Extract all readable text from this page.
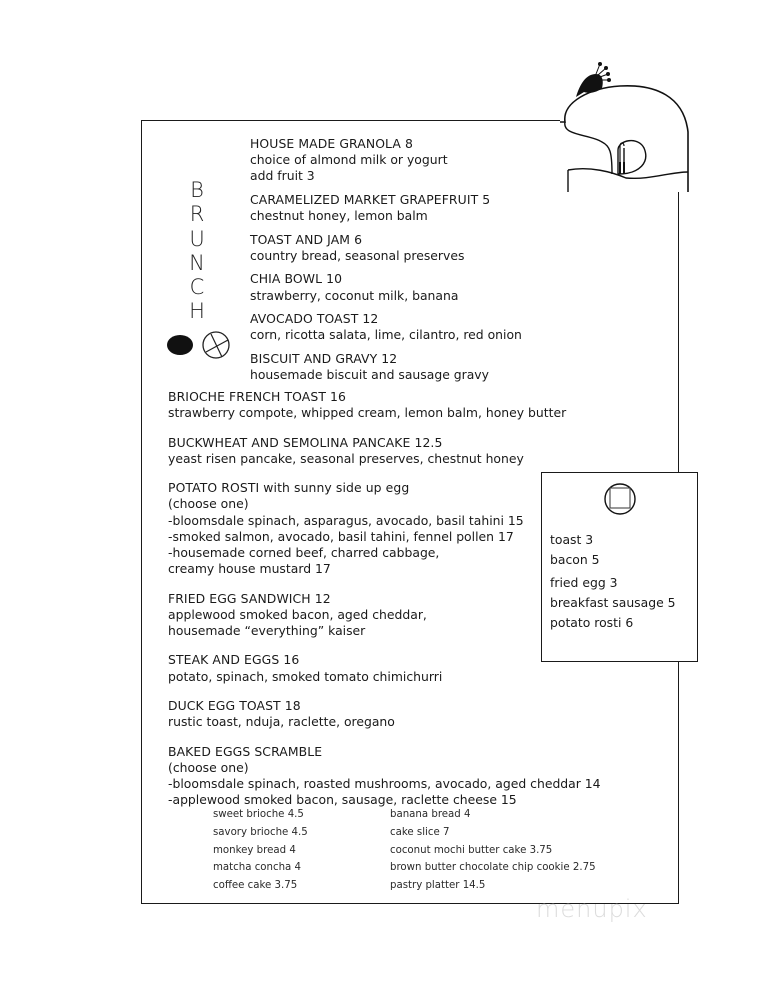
B
R
U
N
C
H
HOUSE MADE GRANOLA 8
choice of almond milk or yogurt
add fruit 3
CARAMELIZED MARKET GRAPEFRUIT 5
chestnut honey, lemon balm
TOAST AND JAM 6
country bread, seasonal preserves
CHIA BOWL 10
strawberry, coconut milk, banana
AVOCADO TOAST 12
corn, ricotta salata, lime, cilantro, red onion
BISCUIT AND GRAVY 12
housemade biscuit and sausage gravy
BRIOCHE FRENCH TOAST 16
strawberry compote, whipped cream, lemon balm, honey butter
BUCKWHEAT AND SEMOLINA PANCAKE 12.5
yeast risen pancake, seasonal preserves, chestnut honey
POTATO ROSTI with sunny side up egg
(choose one)
-bloomsdale spinach, asparagus, avocado, basil tahini 15
-smoked salmon, avocado, basil tahini, fennel pollen 17
-housemade corned beef, charred cabbage,
creamy house mustard 17
FRIED EGG SANDWICH 12
applewood smoked bacon, aged cheddar,
housemade “everything” kaiser
STEAK AND EGGS 16
potato, spinach, smoked tomato chimichurri
DUCK EGG TOAST 18
rustic toast, nduja, raclette, oregano
BAKED EGGS SCRAMBLE
(choose one)
-bloomsdale spinach, roasted mushrooms, avocado, aged cheddar 14
-applewood smoked bacon, sausage, raclette cheese 15
toast 3
bacon 5
fried egg 3
breakfast sausage 5
potato rosti 6
sweet brioche 4.5
savory brioche 4.5
monkey bread 4
matcha concha 4
coffee cake 3.75
banana bread 4
cake slice 7
coconut mochi butter cake 3.75
brown butter chocolate chip cookie 2.75
pastry platter 14.5
menupix
